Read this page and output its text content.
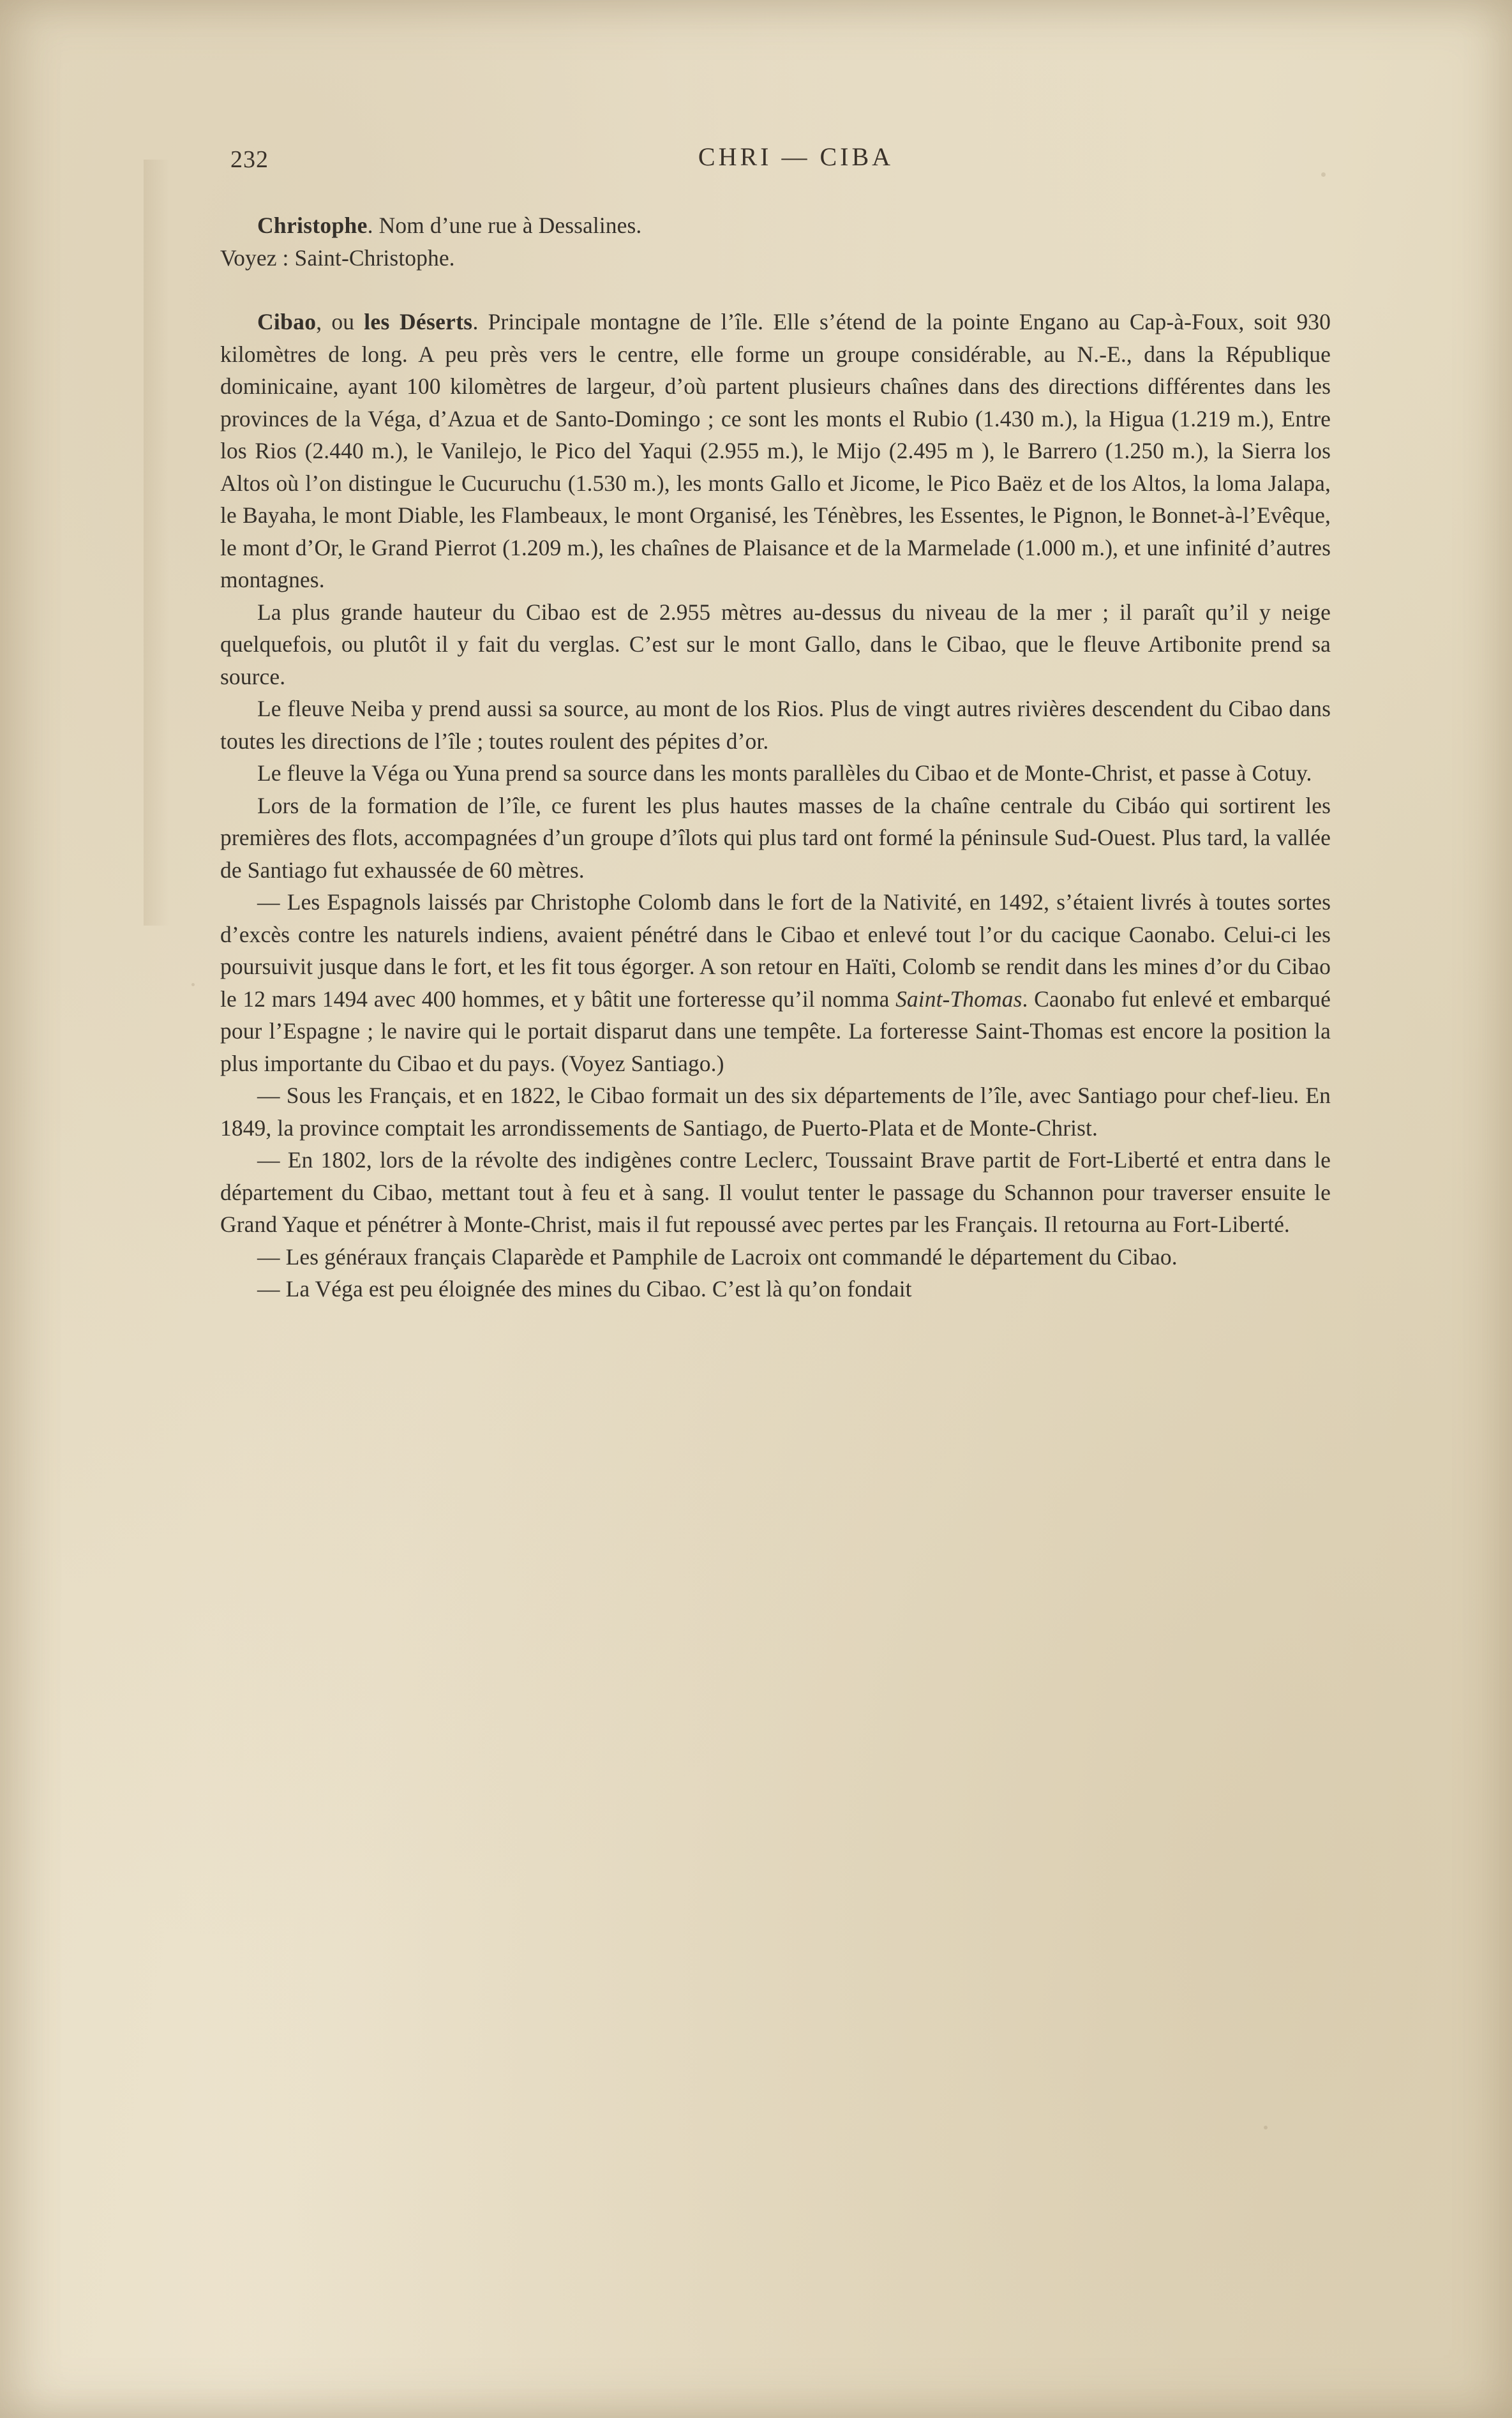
232	CHRI — CIBA

Christophe. Nom d’une rue à Dessalines.

Voyez : Saint-Christophe.

Cibao, ou les Déserts. Principale montagne de l’île. Elle s’étend de la pointe Engano au Cap-à-Foux, soit 930 kilomètres de long. A peu près vers le centre, elle forme un groupe considérable, au N.-E., dans la République dominicaine, ayant 100 kilomètres de largeur, d’où partent plusieurs chaînes dans des directions différentes dans les provinces de la Véga, d’Azua et de Santo-Domingo ; ce sont les monts el Rubio (1.430 m.), la Higua (1.219 m.), Entre los Rios (2.440 m.), le Vanilejo, le Pico del Yaqui (2.955 m.), le Mijo (2.495 m ), le Barrero (1.250 m.), la Sierra los Altos où l’on distingue le Cucuruchu (1.530 m.), les monts Gallo et Jicome, le Pico Baëz et de los Altos, la loma Jalapa, le Bayaha, le mont Diable, les Flambeaux, le mont Organisé, les Ténèbres, les Essentes, le Pignon, le Bonnet-à-l’Evêque, le mont d’Or, le Grand Pierrot (1.209 m.), les chaînes de Plaisance et de la Marmelade (1.000 m.), et une infinité d’autres montagnes.

La plus grande hauteur du Cibao est de 2.955 mètres au-dessus du niveau de la mer ; il paraît qu’il y neige quelquefois, ou plutôt il y fait du verglas. C’est sur le mont Gallo, dans le Cibao, que le fleuve Artibonite prend sa source.

Le fleuve Neiba y prend aussi sa source, au mont de los Rios. Plus de vingt autres rivières descendent du Cibao dans toutes les directions de l’île ; toutes roulent des pépites d’or.

Le fleuve la Véga ou Yuna prend sa source dans les monts parallèles du Cibao et de Monte-Christ, et passe à Cotuy.

Lors de la formation de l’île, ce furent les plus hautes masses de la chaîne centrale du Cibáo qui sortirent les premières des flots, accompagnées d’un groupe d’îlots qui plus tard ont formé la péninsule Sud-Ouest. Plus tard, la vallée de Santiago fut exhaussée de 60 mètres.

— Les Espagnols laissés par Christophe Colomb dans le fort de la Nativité, en 1492, s’étaient livrés à toutes sortes d’excès contre les naturels indiens, avaient pénétré dans le Cibao et enlevé tout l’or du cacique Caonabo. Celui-ci les poursuivit jusque dans le fort, et les fit tous égorger. A son retour en Haïti, Colomb se rendit dans les mines d’or du Cibao le 12 mars 1494 avec 400 hommes, et y bâtit une forteresse qu’il nomma Saint-Thomas. Caonabo fut enlevé et embarqué pour l’Espagne ; le navire qui le portait disparut dans une tempête. La forteresse Saint-Thomas est encore la position la plus importante du Cibao et du pays. (Voyez Santiago.)

— Sous les Français, et en 1822, le Cibao formait un des six départements de l’île, avec Santiago pour chef-lieu. En 1849, la province comptait les arrondissements de Santiago, de Puerto-Plata et de Monte-Christ.

— En 1802, lors de la révolte des indigènes contre Leclerc, Toussaint Brave partit de Fort-Liberté et entra dans le département du Cibao, mettant tout à feu et à sang. Il voulut tenter le passage du Schannon pour traverser ensuite le Grand Yaque et pénétrer à Monte-Christ, mais il fut repoussé avec pertes par les Français. Il retourna au Fort-Liberté.

— Les généraux français Claparède et Pamphile de Lacroix ont commandé le département du Cibao.

— La Véga est peu éloignée des mines du Cibao. C’est là qu’on fondait
